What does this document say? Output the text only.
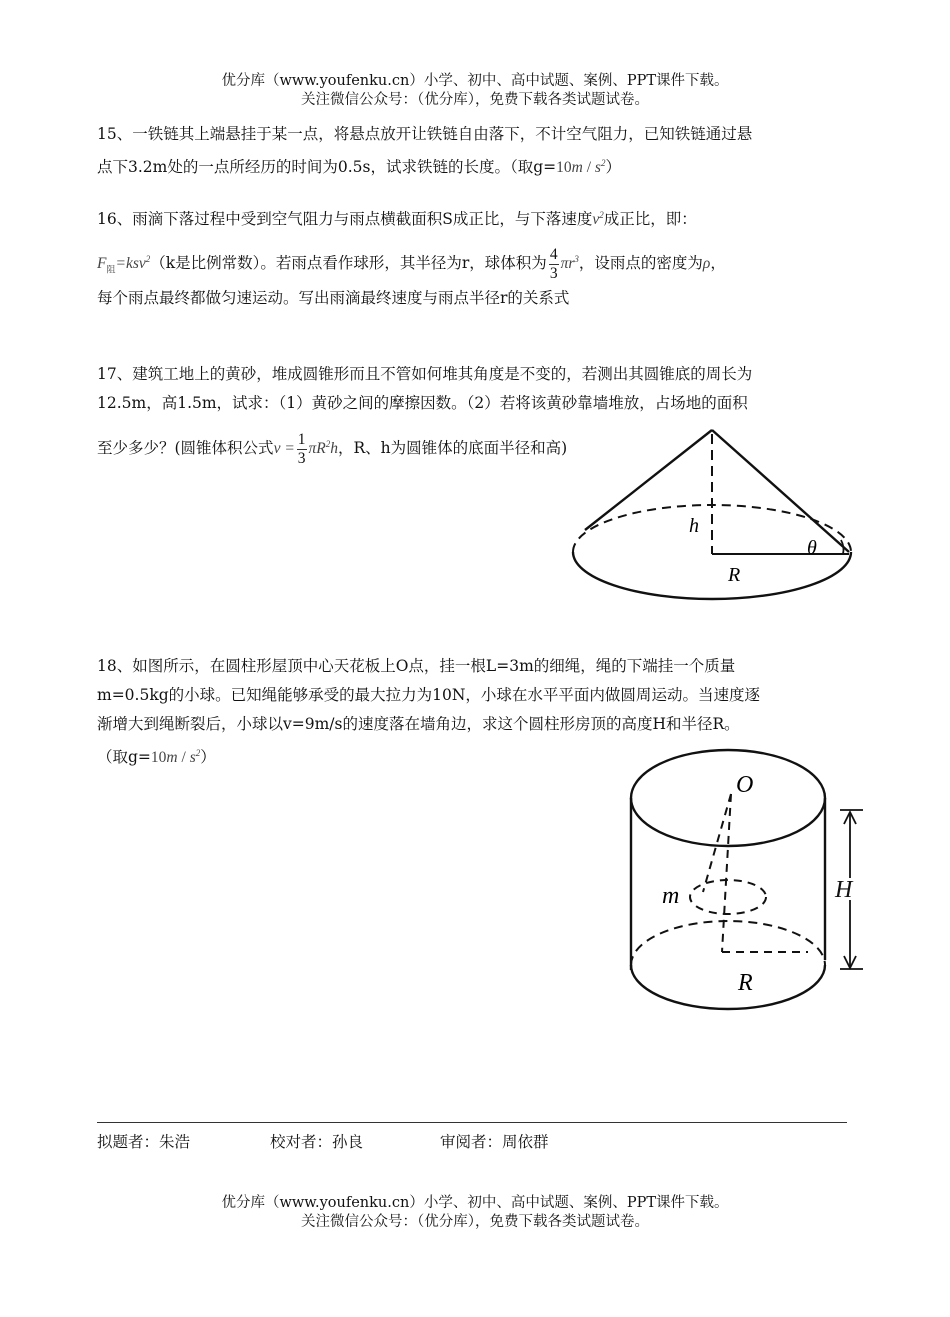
优分库（www.youfenku.cn）小学、初中、高中试题、案例、PPT课件下载。
关注微信公众号：（优分库），免费下载各类试题试卷。
15、一铁链其上端悬挂于某一点，将悬点放开让铁链自由落下，不计空气阻力，已知铁链通过悬
点下3.2m处的一点所经历的时间为0.5s，试求铁链的长度。（取$g=10m / s^2$）
16、雨滴下落过程中受到空气阻力与雨点横截面积S成正比，与下落速度$v^2$成正比，即：
$F_阻=ksv^2(k$是比例常数）。若雨点看作球形，其半径为r，球体积为 $\frac{4}{3} \pi r^3$，设雨点的密度为ρ，
每个雨点最终都做匀速运动。写出雨滴最终速度与雨点半径r的关系式
17、建筑工地上的黄砂，堆成圆锥形而且不管如何堆其角度是不变的，若测出其圆锥底的周长为
12.5m，高1.5m，试求：（1）黄砂之间的摩擦因数。（2）若将该黄砂靠墙堆放，占场地的面积
至少多少？(圆锥体积公式$v = \frac{1}{3} \pi R^2h$，R、h为圆锥体的底面半径和高)
h
R
θ
18、如图所示，在圆柱形屋顶中心天花板上O点，挂一根L=3m的细绳，绳的下端挂一个质量
m=0.5kg的小球。已知绳能够承受的最大拉力为10N，小球在水平平面内做圆周运动。当速度逐
渐增大到绳断裂后，小球以v=9m/s的速度落在墙角边，求这个圆柱形房顶的高度H和半径R。
（取$g=10m / s^2$）
O
m	H
R
拟题者：朱浩	校对者：孙良	审阅者：周依群
优分库（www.youfenku.cn）小学、初中、高中试题、案例、PPT课件下载。
关注微信公众号：（优分库），免费下载各类试题试卷。
